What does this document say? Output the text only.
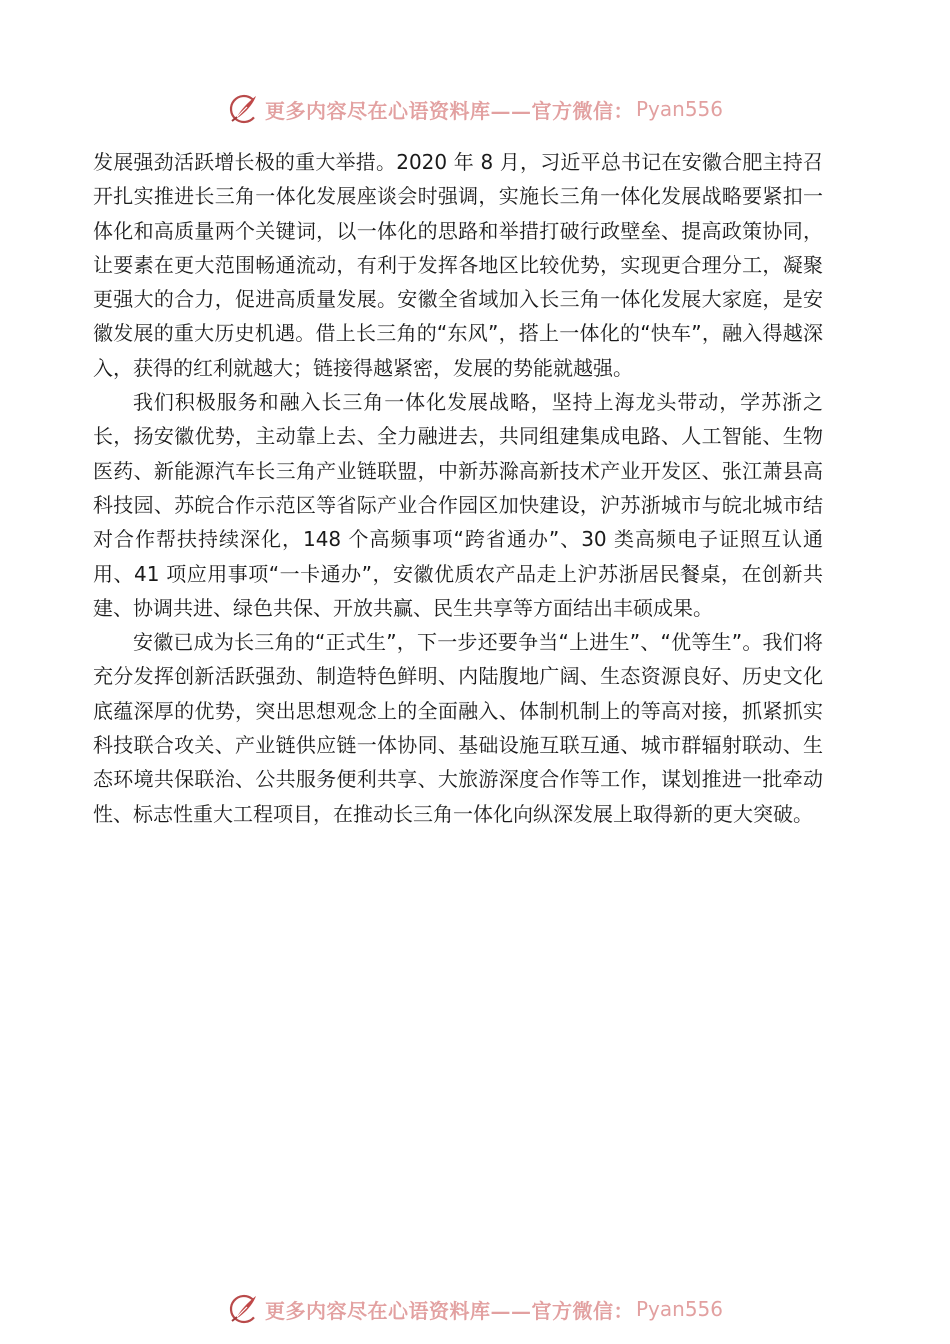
更多内容尽在心语资料库——官方微信： Pyan556

发展强劲活跃增长极的重大举措。2020 年 8 月，习近平总书记在安徽合肥主持召开扎实推进长三角一体化发展座谈会时强调，实施长三角一体化发展战略要紧扣一体化和高质量两个关键词，以一体化的思路和举措打破行政壁垒、提高政策协同，让要素在更大范围畅通流动，有利于发挥各地区比较优势，实现更合理分工，凝聚更强大的合力，促进高质量发展。安徽全省域加入长三角一体化发展大家庭，是安徽发展的重大历史机遇。借上长三角的“东风”，搭上一体化的“快车”，融入得越深入，获得的红利就越大；链接得越紧密，发展的势能就越强。

我们积极服务和融入长三角一体化发展战略，坚持上海龙头带动，学苏浙之长，扬安徽优势，主动靠上去、全力融进去，共同组建集成电路、人工智能、生物医药、新能源汽车长三角产业链联盟，中新苏滁高新技术产业开发区、张江萧县高科技园、苏皖合作示范区等省际产业合作园区加快建设，沪苏浙城市与皖北城市结对合作帮扶持续深化，148 个高频事项“跨省通办”、30 类高频电子证照互认通用、41 项应用事项“一卡通办”，安徽优质农产品走上沪苏浙居民餐桌，在创新共建、协调共进、绿色共保、开放共赢、民生共享等方面结出丰硕成果。

安徽已成为长三角的“正式生”，下一步还要争当“上进生”、“优等生”。我们将充分发挥创新活跃强劲、制造特色鲜明、内陆腹地广阔、生态资源良好、历史文化底蕴深厚的优势，突出思想观念上的全面融入、体制机制上的等高对接，抓紧抓实科技联合攻关、产业链供应链一体协同、基础设施互联互通、城市群辐射联动、生态环境共保联治、公共服务便利共享、大旅游深度合作等工作，谋划推进一批牵动性、标志性重大工程项目，在推动长三角一体化向纵深发展上取得新的更大突破。

更多内容尽在心语资料库——官方微信： Pyan556
